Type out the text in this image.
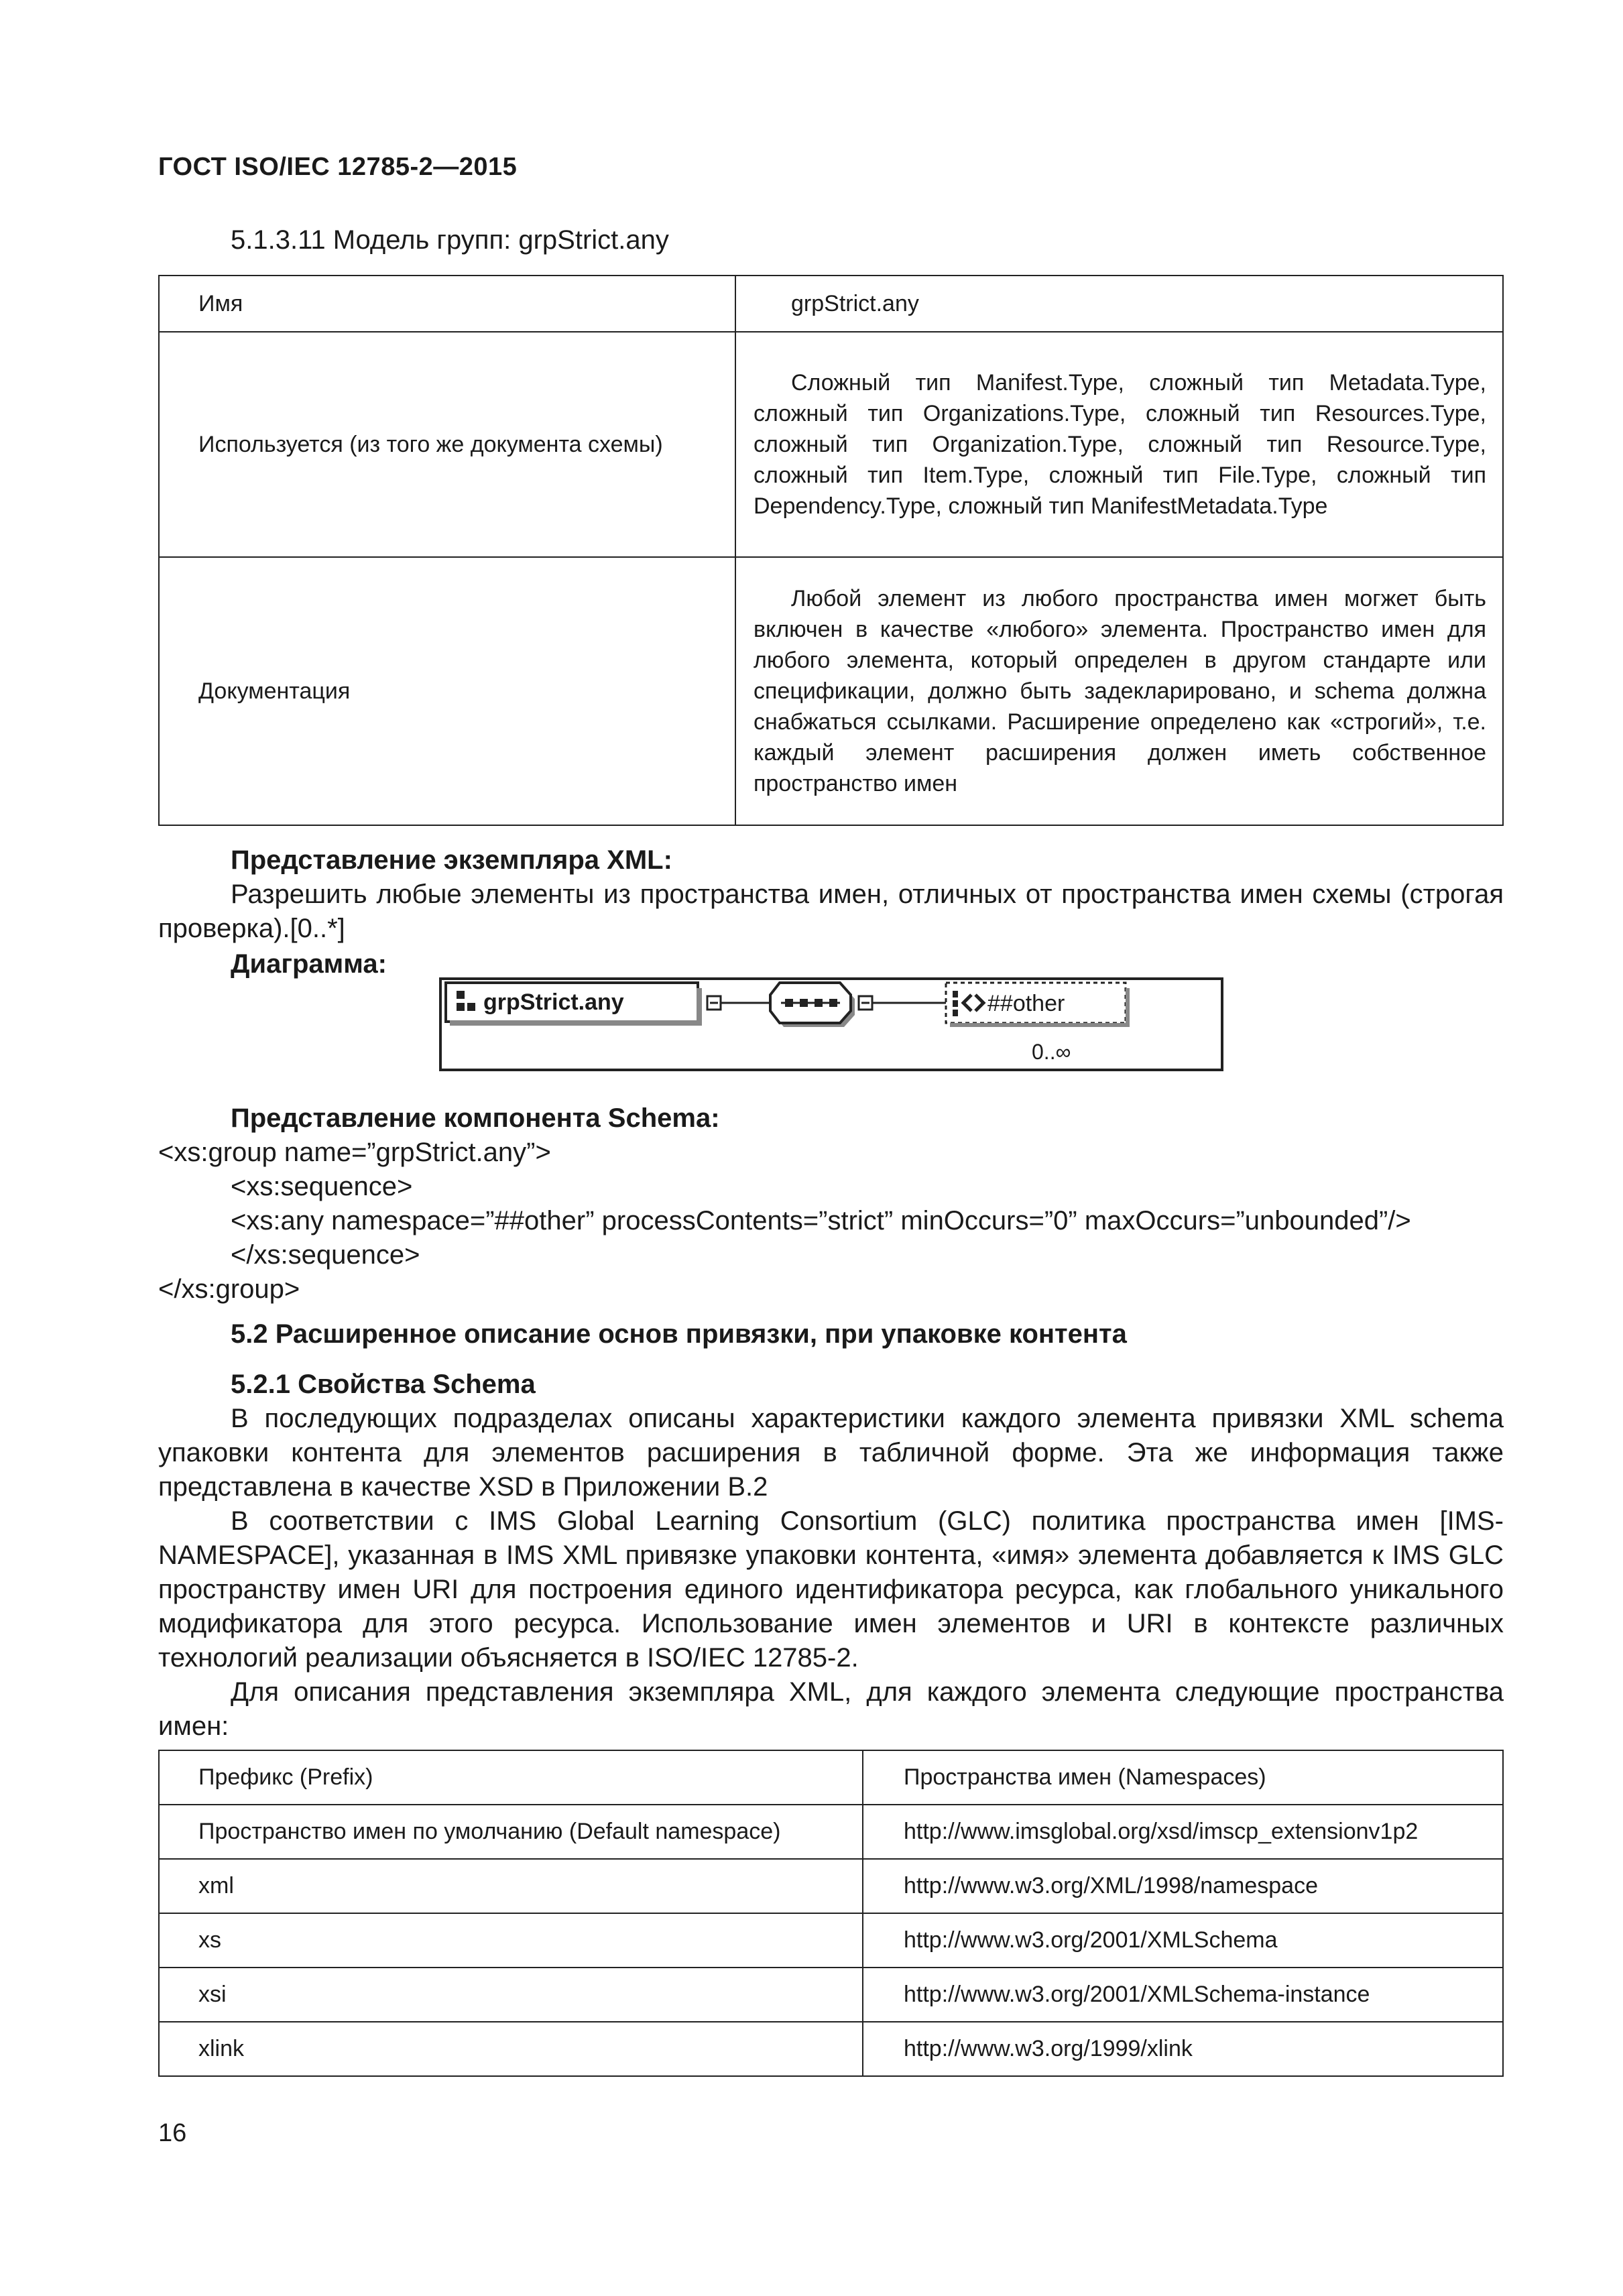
ГОСТ ISO/IEC 12785-2—2015
5.1.3.11 Модель групп: grpStrict.any
Имя	grpStrict.any
Используется (из того же документа схемы)	Сложный тип Manifest.Type, сложный тип Metadata.Type, сложный тип Organizations.Type, сложный тип Resources.Type, сложный тип Organization.Type, сложный тип Resource.Type, сложный тип Item.Type, сложный тип File.Type, сложный тип Dependency.Type, сложный тип ManifestMetadata.Type
Документация	Любой элемент из любого пространства имен могжет быть включен в качестве «любого» элемента. Пространство имен для любого элемента, который определен в другом стандарте или спецификации, должно быть задекларировано, и schema должна снабжаться ссылками. Расширение определено как «строгий», т.е. каждый элемент расширения должен иметь собственное пространство имен
Представление экземпляра XML:
Разрешить любые элементы из пространства имен, отличных от пространства имен схемы (строгая проверка).[0..*]
Диаграмма:
grpStrict.any	##other
0..∞
Представление компонента Schema:
<xs:group name=”grpStrict.any”>
<xs:sequence>
<xs:any namespace=”##other” processContents=”strict” minOccurs=”0” maxOccurs=”unbounded”/>
</xs:sequence>
</xs:group>
5.2 Расширенное описание основ привязки, при упаковке контента
5.2.1 Свойства Schema
В последующих подразделах описаны характеристики каждого элемента привязки XML schema упаковки контента для элементов расширения в табличной форме. Эта же информация также представлена в качестве XSD в Приложении В.2
В соответствии с IMS Global Learning Consortium (GLC) политика пространства имен [IMS-NAMESPACE], указанная в IMS XML привязке упаковки контента, «имя» элемента добавляется к IMS GLC пространству имен URI для построения единого идентификатора ресурса, как глобального уникального модификатора для этого ресурса. Использование имен элементов и URI в контексте различных технологий реализации объясняется в ISO/IEC 12785-2.
Для описания представления экземпляра XML, для каждого элемента следующие пространства имен:
Префикс (Prefix)	Пространства имен (Namespaces)
Пространство имен по умолчанию (Default namespace)	http://www.imsglobal.org/xsd/imscp_extensionv1p2
xml	http://www.w3.org/XML/1998/namespace
xs	http://www.w3.org/2001/XMLSchema
xsi	http://www.w3.org/2001/XMLSchema-instance
xlink	http://www.w3.org/1999/xlink
16
